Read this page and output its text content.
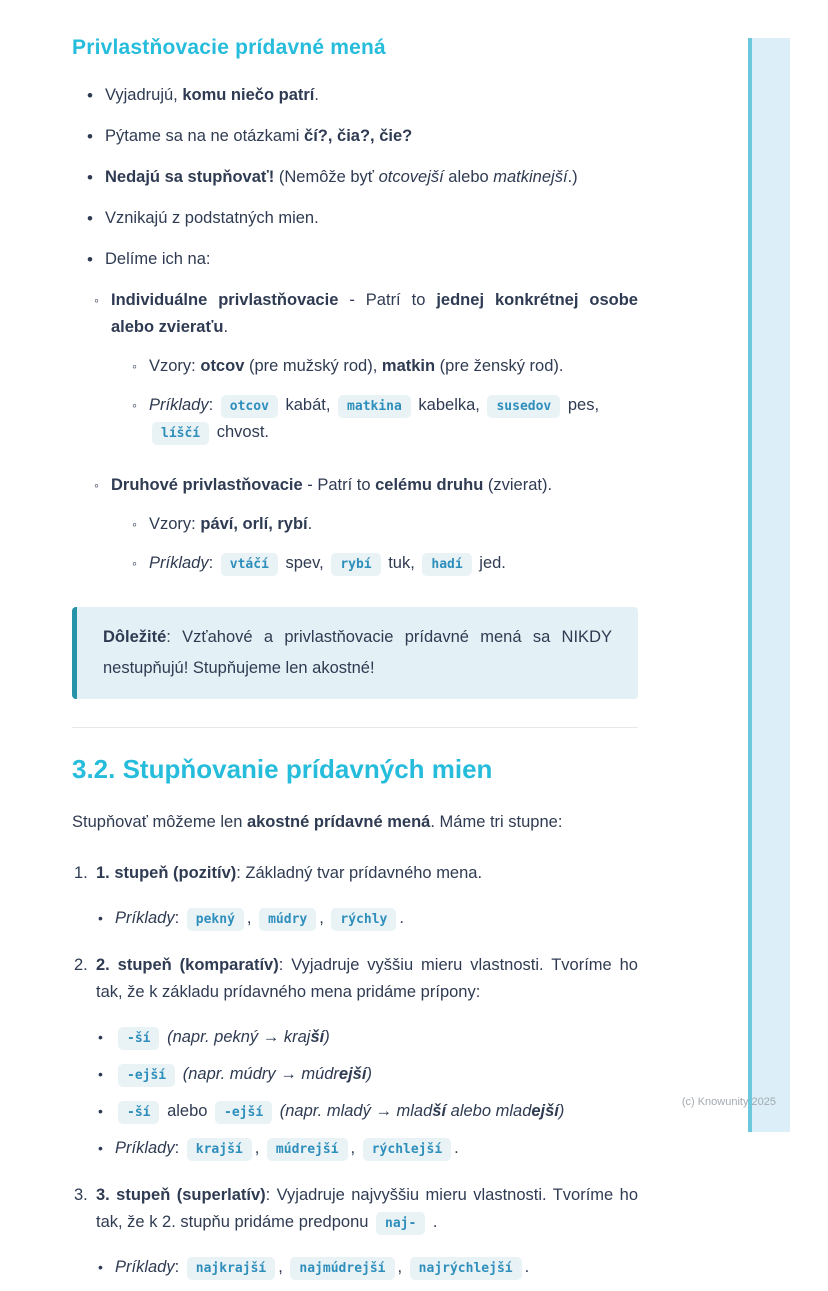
Privlastňovacie prídavné mená
• Vyjadrujú, komu niečo patrí.
• Pýtame sa na ne otázkami čí?, čia?, čie?
• Nedajú sa stupňovať! (Nemôže byť otcovejší alebo matkinejší.)
• Vznikajú z podstatných mien.
• Delíme ich na:
◦ Individuálne privlastňovacie - Patrí to jednej konkrétnej osobe alebo zvieraťu.
◦ Vzory: otcov (pre mužský rod), matkin (pre ženský rod).
◦ Príklady: otcov kabát, matkina kabelka, susedov pes, líščí chvost.
◦ Druhové privlastňovacie - Patrí to celému druhu (zvierat).
◦ Vzory: páví, orlí, rybí.
◦ Príklady: vtáčí spev, rybí tuk, hadí jed.
Dôležité: Vzťahové a privlastňovacie prídavné mená sa NIKDY nestupňujú! Stupňujeme len akostné!
3.2. Stupňovanie prídavných mien
Stupňovať môžeme len akostné prídavné mená. Máme tri stupne:
1. 1. stupeň (pozitív): Základný tvar prídavného mena.
• Príklady: pekný , múdry , rýchly .
2. 2. stupeň (komparatív): Vyjadruje vyššiu mieru vlastnosti. Tvoríme ho tak, že k základu prídavného mena pridáme prípony:
•	-ší (napr. pekný → krajší)
•	-ejší (napr. múdry → múdrejší)
•	-ší alebo -ejší (napr. mladý → mladší alebo mladejší)
• Príklady: krajší , múdrejší , rýchlejší .
3. 3. stupeň (superlatív): Vyjadruje najvyššiu mieru vlastnosti. Tvoríme ho tak, že k 2. stupňu pridáme predponu naj- .
• Príklady: najkrajší , najmúdrejší , najrýchlejší .
(c) Knowunity 2025
